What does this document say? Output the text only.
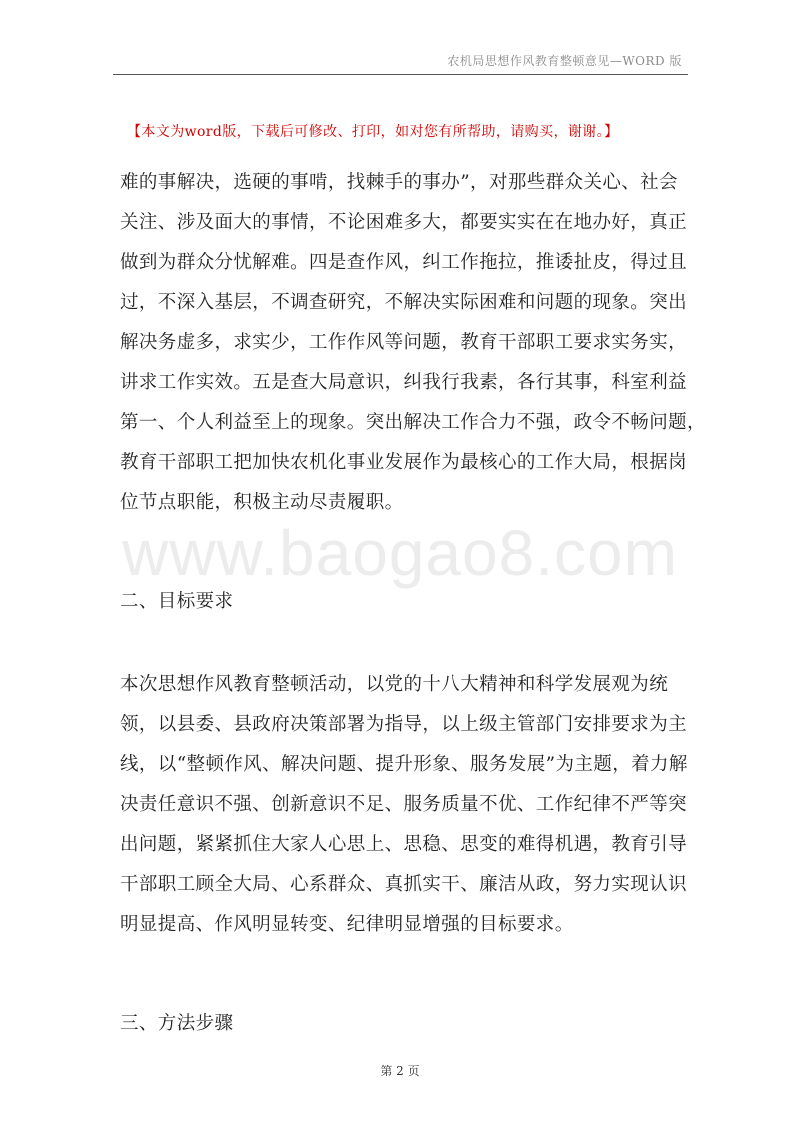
农机局思想作风教育整顿意见—WORD 版
【本文为word版，下载后可修改、打印，如对您有所帮助，请购买，谢谢。】
www.baogao8.com
难的事解决，选硬的事啃，找棘手的事办”，对那些群众关心、社会
关注、涉及面大的事情，不论困难多大，都要实实在在地办好，真正
做到为群众分忧解难。四是查作风，纠工作拖拉，推诿扯皮，得过且
过，不深入基层，不调查研究，不解决实际困难和问题的现象。突出
解决务虚多，求实少，工作作风等问题，教育干部职工要求实务实，
讲求工作实效。五是查大局意识，纠我行我素，各行其事，科室利益
第一、个人利益至上的现象。突出解决工作合力不强，政令不畅问题，
教育干部职工把加快农机化事业发展作为最核心的工作大局，根据岗
位节点职能，积极主动尽责履职。
二、目标要求
本次思想作风教育整顿活动，以党的十八大精神和科学发展观为统
领，以县委、县政府决策部署为指导，以上级主管部门安排要求为主
线，以“整顿作风、解决问题、提升形象、服务发展”为主题，着力解
决责任意识不强、创新意识不足、服务质量不优、工作纪律不严等突
出问题，紧紧抓住大家人心思上、思稳、思变的难得机遇，教育引导
干部职工顾全大局、心系群众、真抓实干、廉洁从政，努力实现认识
明显提高、作风明显转变、纪律明显增强的目标要求。
三、方法步骤
第 2 页
